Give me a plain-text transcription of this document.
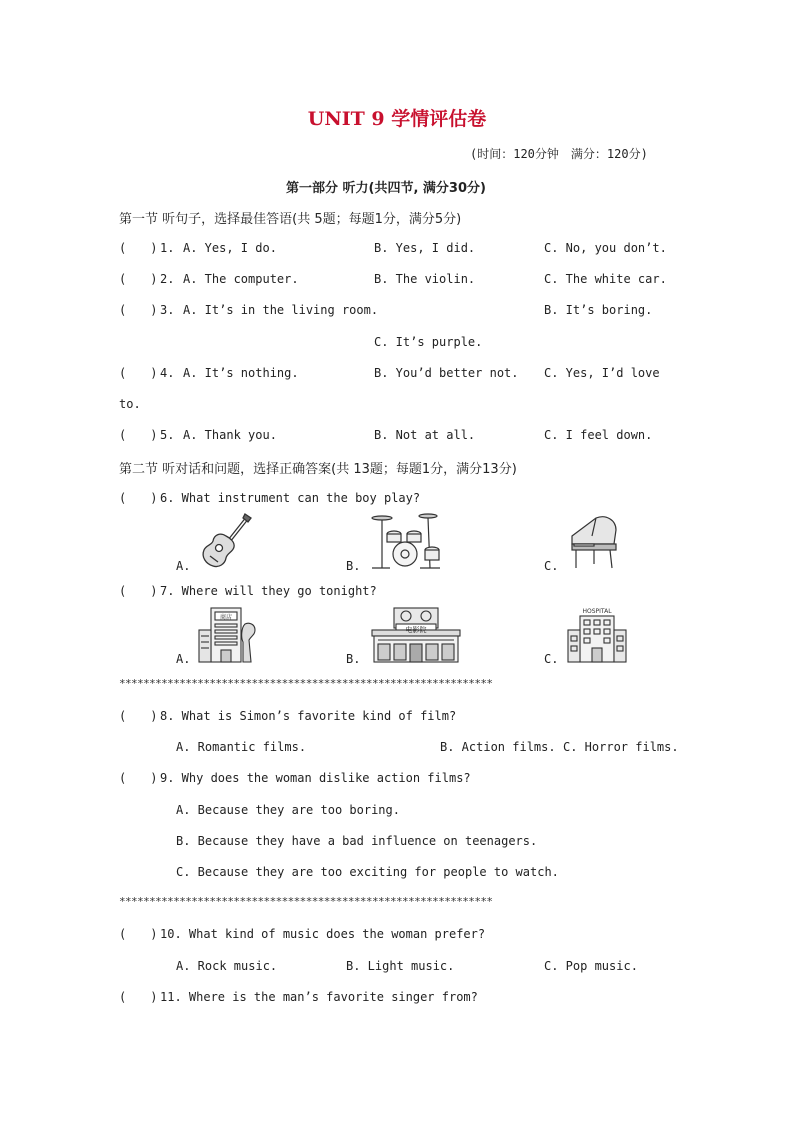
UNIT 9 学情评估卷
(时间：120分钟　满分：120分)
第一部分 听力(共四节, 满分30分)
第一节 听句子，选择最佳答语(共 5题；每题1分，满分5分)
(　　) 1. A. Yes, I do.	B. Yes, I did.	C. No, you don’t.
(　　) 2. A. The computer.	B. The violin.	C. The white car.
(　　) 3. A. It’s in the living room.	B. It’s boring.
C. It’s purple.
(　　) 4. A. It’s nothing.	B. You’d better not. C. Yes, I’d love
to.
(　　) 5. A. Thank you.	B. Not at all.	C. I feel down.
第二节 听对话和问题，选择正确答案(共 13题；每题1分，满分13分)
(　　) 6. What instrument can the boy play?
A.	B.	C.
(　　) 7. Where will they go tonight?
A.
商店
B.
电影院
C.
HOSPITAL
**************************************************************
(　　) 8. What is Simon’s favorite kind of film?
A. Romantic films.	B. Action films. C. Horror films.
(　　) 9. Why does the woman dislike action films?
A. Because they are too boring.
B. Because they have a bad influence on teenagers.
C. Because they are too exciting for people to watch.
**************************************************************
(　　) 10. What kind of music does the woman prefer?
A. Rock music.	B. Light music.	C. Pop music.
(　　) 11. Where is the man’s favorite singer from?
